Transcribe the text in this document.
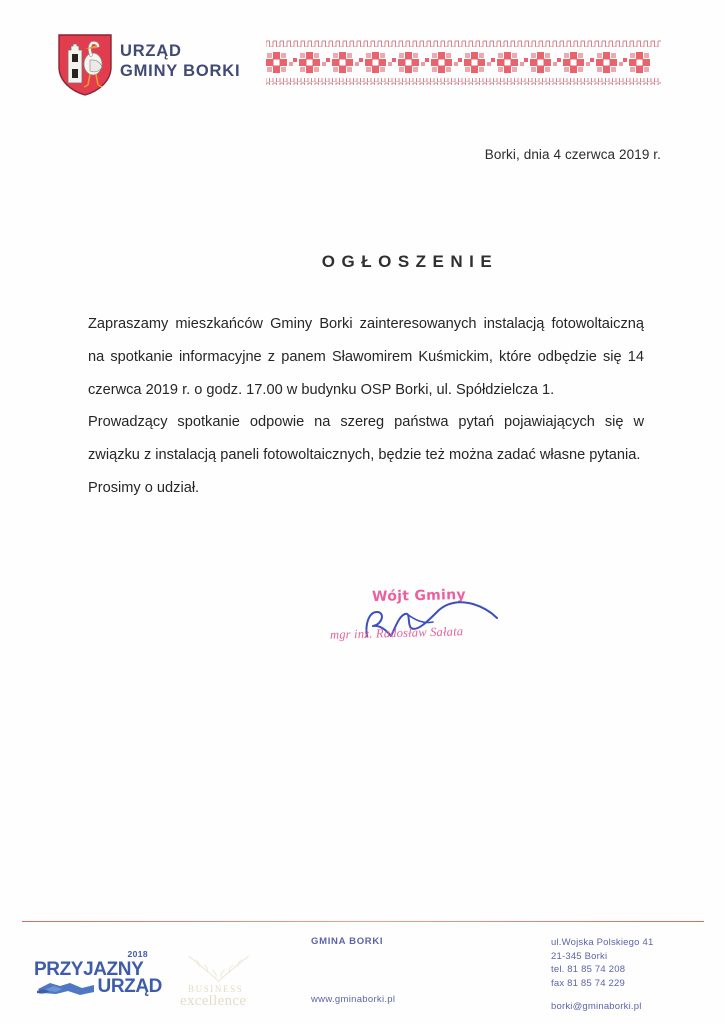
URZĄD
GMINY BORKI
Borki, dnia 4 czerwca 2019 r.
OGŁOSZENIE

Zapraszamy mieszkańców Gminy Borki zainteresowanych instalacją fotowoltaiczną na spotkanie informacyjne z panem Sławomirem Kuśmickim, które odbędzie się 14 czerwca 2019 r. o godz. 17.00 w budynku OSP Borki, ul. Spółdzielcza 1.

Prowadzący spotkanie odpowie na szereg państwa pytań pojawiających się w związku z instalacją paneli fotowoltaicznych, będzie też można zadać własne pytania.

Prosimy o udział.

Wójt Gminy
mgr inż. Radosław Sałata
2018
PRZYJAZNY
URZĄD	BUSINESS
excellence
GMINA BORKI
www.gminaborki.pl
ul.Wojska Polskiego 41
21-345 Borki
tel. 81 85 74 208
fax 81 85 74 229
borki@gminaborki.pl
